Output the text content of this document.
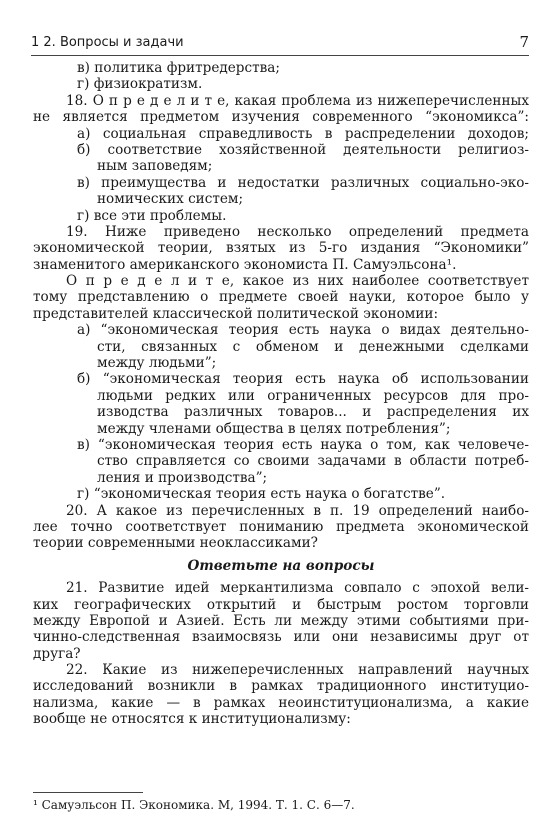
1 2. Вопросы и задачи	7
в) политика фритредерства;
г) физиократизм.
18. О п р е д е л и т е, какая проблема из нижеперечисленных
не является предметом изучения современного “экономикса”:
а) социальная справедливость в распределении доходов;
б) соответствие хозяйственной деятельности религиоз-
ным заповедям;
в) преимущества и недостатки различных социально-эко-
номических систем;
г) все эти проблемы.
19. Ниже приведено несколько определений предмета
экономической теории, взятых из 5-го издания “Экономики”
знаменитого американского экономиста П. Самуэльсона¹.
О п р е д е л и т е, какое из них наиболее соответствует
тому представлению о предмете своей науки, которое было у
представителей классической политической экономии:
а) “экономическая теория есть наука о видах деятельно-
сти, связанных с обменом и денежными сделками
между людьми”;
б) “экономическая теория есть наука об использовании
людьми редких или ограниченных ресурсов для про-
изводства различных товаров... и распределения их
между членами общества в целях потребления”;
в) “экономическая теория есть наука о том, как человече-
ство справляется со своими задачами в области потреб-
ления и производства”;
г) “экономическая теория есть наука о богатстве”.
20. А какое из перечисленных в п. 19 определений наибо-
лее точно соответствует пониманию предмета экономической
теории современными неоклассиками?
Ответьте на вопросы
21. Развитие идей меркантилизма совпало с эпохой вели-
ких географических открытий и быстрым ростом торговли
между Европой и Азией. Есть ли между этими событиями при-
чинно-следственная взаимосвязь или они независимы друг от
друга?
22. Какие из нижеперечисленных направлений научных
исследований возникли в рамках традиционного институцио-
нализма, какие — в рамках неоинституционализма, а какие
вообще не относятся к институционализму:
¹ Самуэльсон П. Экономика. М, 1994. Т. 1. С. 6—7.
